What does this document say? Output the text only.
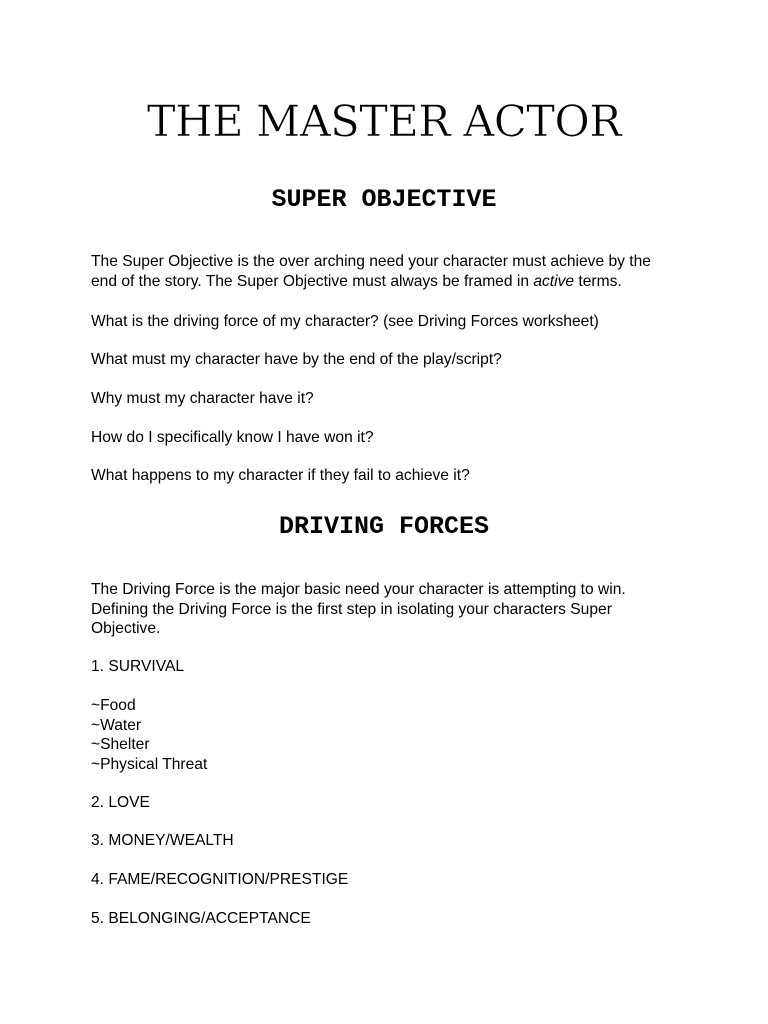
THE MASTER ACTOR
SUPER OBJECTIVE

The Super Objective is the over arching need your character must achieve by the
end of the story. The Super Objective must always be framed in active terms.

What is the driving force of my character? (see Driving Forces worksheet)

What must my character have by the end of the play/script?

Why must my character have it?

How do I specifically know I have won it?

What happens to my character if they fail to achieve it?

DRIVING FORCES

The Driving Force is the major basic need your character is attempting to win.
Defining the Driving Force is the first step in isolating your characters Super
Objective.

1. SURVIVAL

~Food
~Water
~Shelter
~Physical Threat

2. LOVE

3. MONEY/WEALTH

4. FAME/RECOGNITION/PRESTIGE

5. BELONGING/ACCEPTANCE
